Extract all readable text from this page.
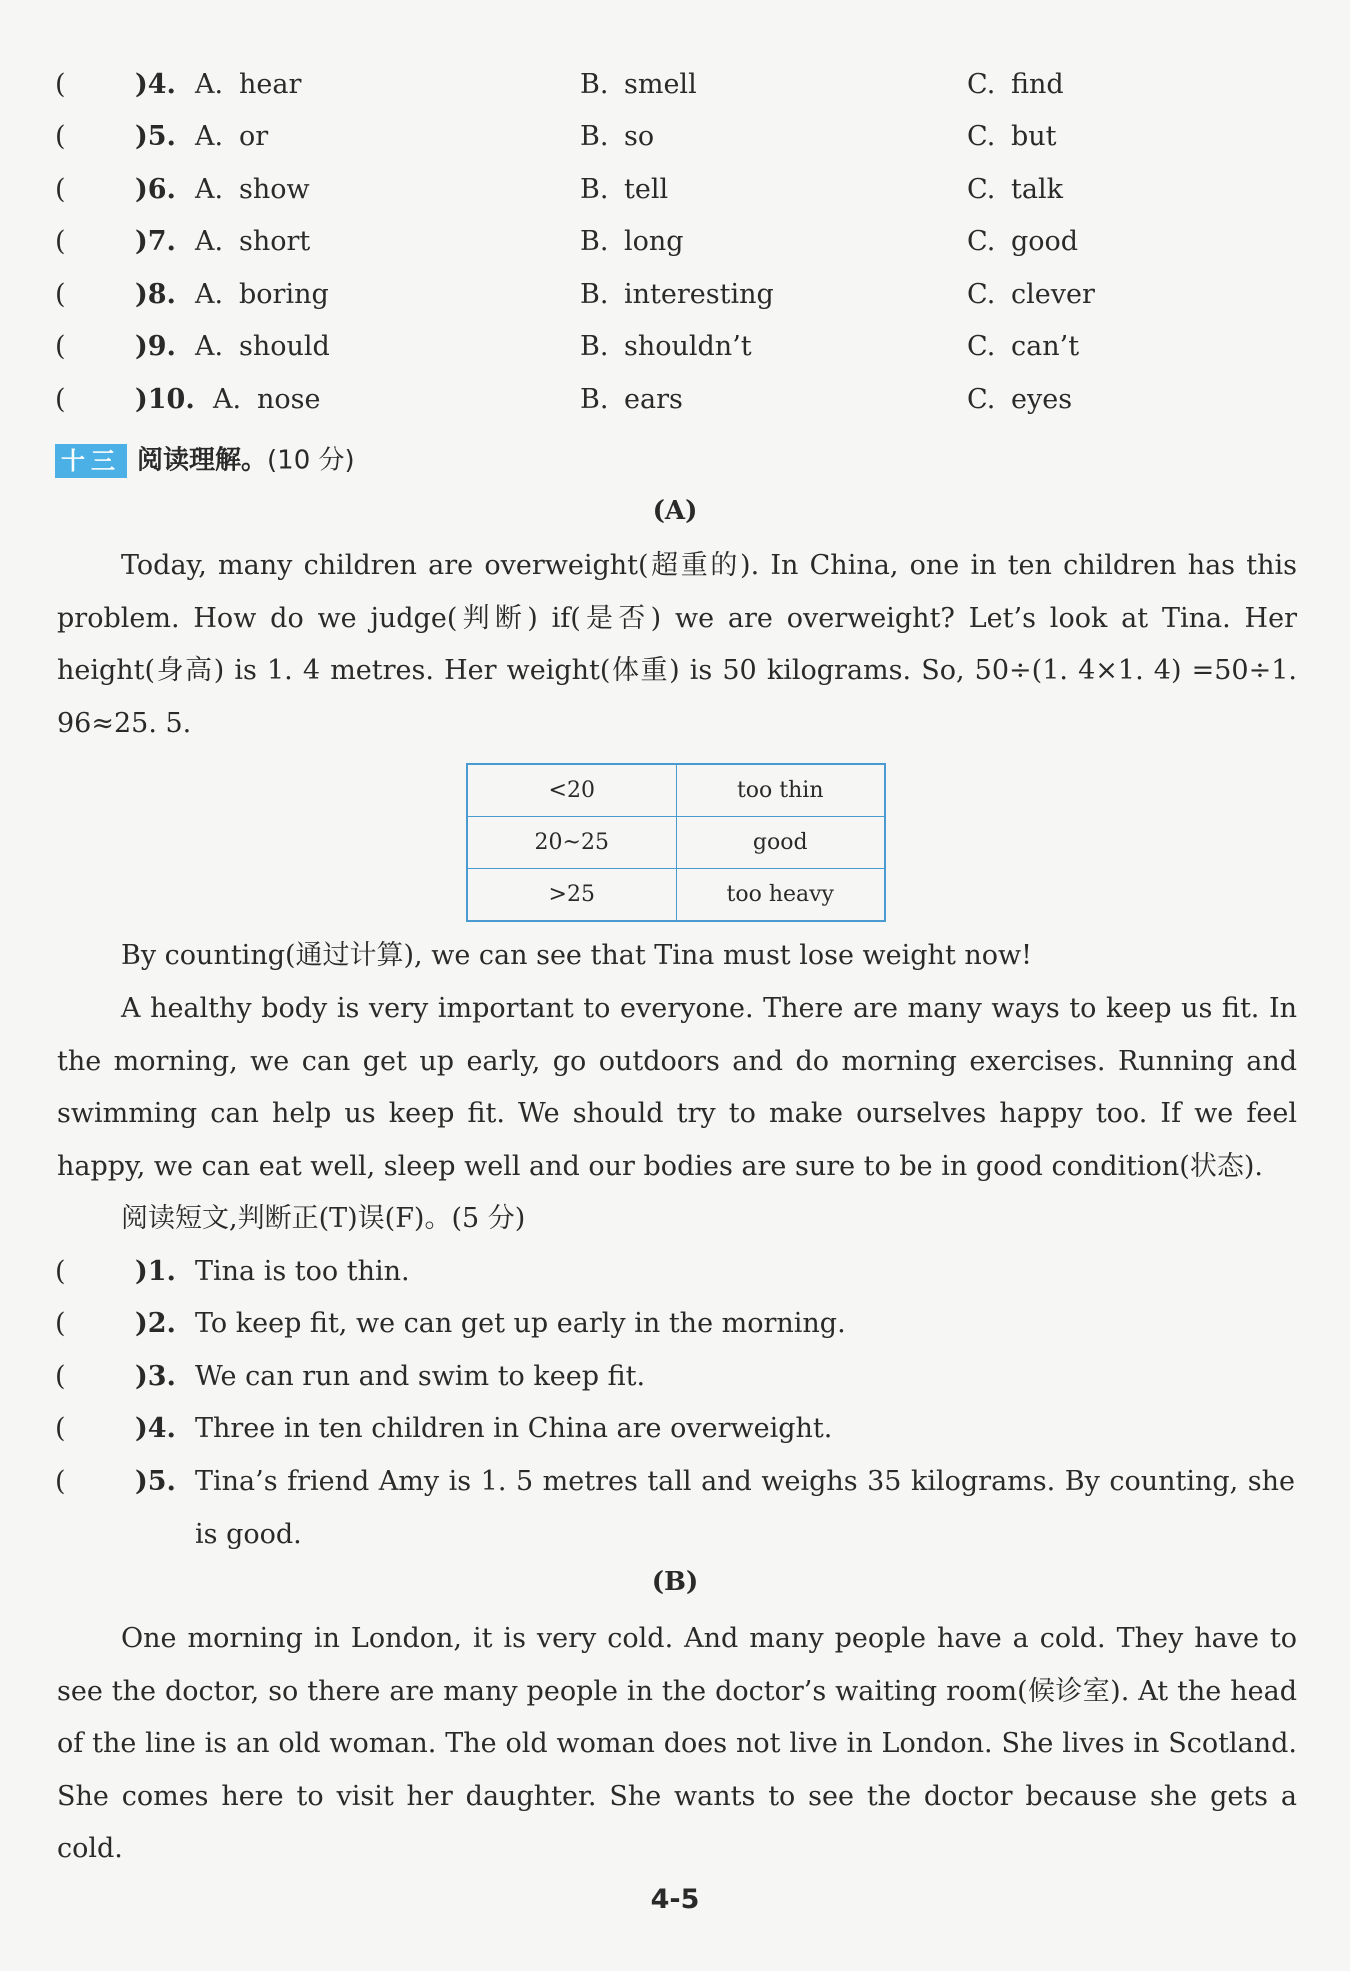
(	)4. A. hear	B. smell	C. find
(	)5. A. or	B. so	C. but
(	)6. A. show	B. tell	C. talk
(	)7. A. short	B. long	C. good
(	)8. A. boring	B. interesting	C. clever
(	)9. A. should	B. shouldn’t	C. can’t
(	)10. A. nose	B. ears	C. eyes
十三 阅读理解。(10 分)
(A)
Today, many children are overweight(超重的). In China, one in ten children has this problem. How do we judge(判断) if(是否) we are overweight? Let’s look at Tina. Her height(身高) is 1. 4 metres. Her weight(体重) is 50 kilograms. So, 50÷(1. 4×1. 4) =50÷1. 96≈25. 5.
<20	too thin
20~25	good
>25	too heavy
By counting(通过计算), we can see that Tina must lose weight now!
A healthy body is very important to everyone. There are many ways to keep us fit. In the morning, we can get up early, go outdoors and do morning exercises. Running and swimming can help us keep fit. We should try to make ourselves happy too. If we feel happy, we can eat well, sleep well and our bodies are sure to be in good condition(状态).
阅读短文,判断正(T)误(F)。(5 分)
(	)1. Tina is too thin.
(	)2. To keep fit, we can get up early in the morning.
(	)3. We can run and swim to keep fit.
(	)4. Three in ten children in China are overweight.
(	)5. Tina’s friend Amy is 1. 5 metres tall and weighs 35 kilograms. By counting, she is good.
(B)
One morning in London, it is very cold. And many people have a cold. They have to see the doctor, so there are many people in the doctor’s waiting room(候诊室). At the head of the line is an old woman. The old woman does not live in London. She lives in Scotland. She comes here to visit her daughter. She wants to see the doctor because she gets a cold.
4-5
